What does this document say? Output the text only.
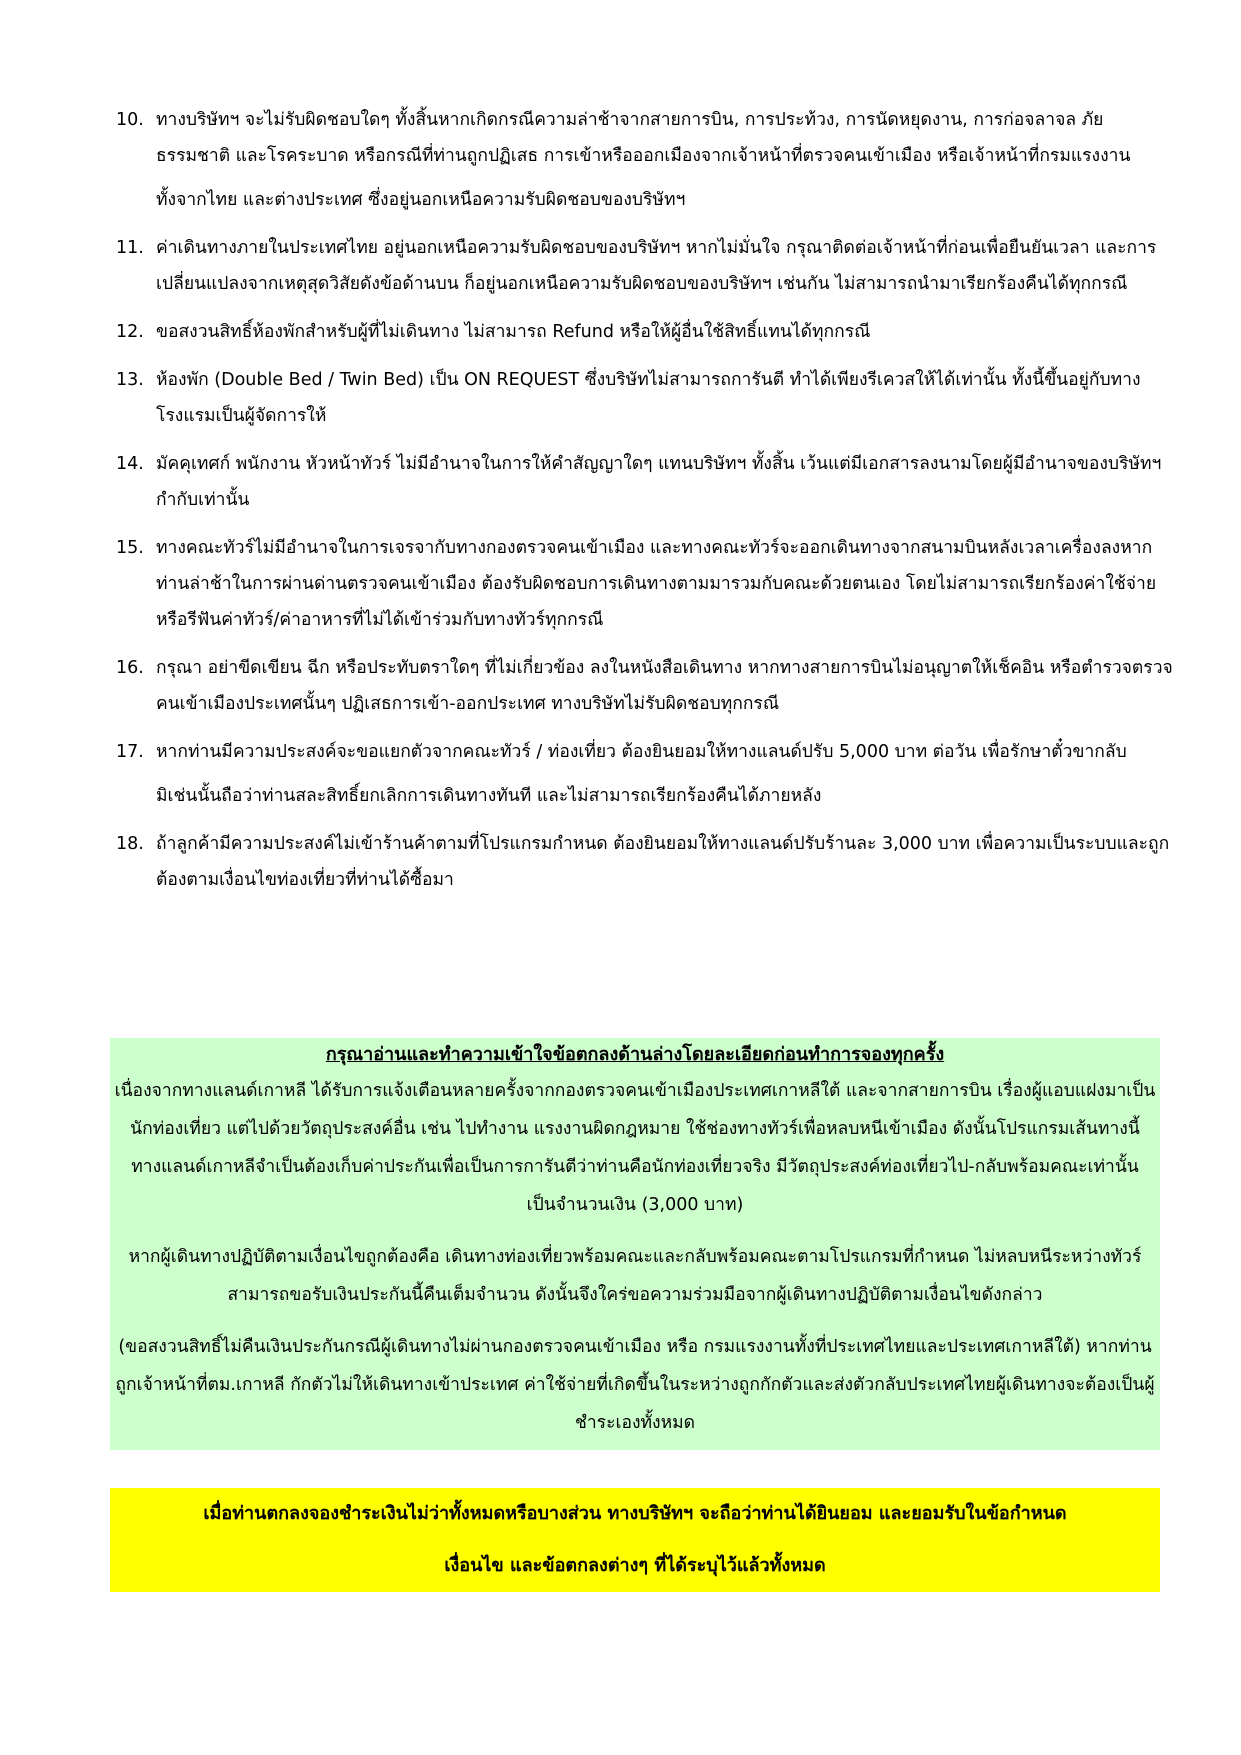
10. ทางบริษัทฯ จะไม่รับผิดชอบใดๆ ทั้งสิ้นหากเกิดกรณีความล่าช้าจากสายการบิน, การประท้วง, การนัดหยุดงาน, การก่อจลาจล ภัยธรรมชาติ และโรคระบาด หรือกรณีที่ท่านถูกปฏิเสธ การเข้าหรือออกเมืองจากเจ้าหน้าที่ตรวจคนเข้าเมือง หรือเจ้าหน้าที่กรมแรงงาน
ทั้งจากไทย และต่างประเทศ ซึ่งอยู่นอกเหนือความรับผิดชอบของบริษัทฯ
11. ค่าเดินทางภายในประเทศไทย อยู่นอกเหนือความรับผิดชอบของบริษัทฯ หากไม่มั่นใจ กรุณาติดต่อเจ้าหน้าที่ก่อนเพื่อยืนยันเวลา และการเปลี่ยนแปลงจากเหตุสุดวิสัยดังข้อด้านบน ก็อยู่นอกเหนือความรับผิดชอบของบริษัทฯ เช่นกัน ไม่สามารถนำมาเรียกร้องคืนได้ทุกกรณี
12. ขอสงวนสิทธิ์ห้องพักสำหรับผู้ที่ไม่เดินทาง ไม่สามารถ Refund หรือให้ผู้อื่นใช้สิทธิ์แทนได้ทุกกรณี
13. ห้องพัก (Double Bed / Twin Bed) เป็น ON REQUEST ซึ่งบริษัทไม่สามารถการันตี ทำได้เพียงรีเควสให้ได้เท่านั้น ทั้งนี้ขึ้นอยู่กับทางโรงแรมเป็นผู้จัดการให้
14. มัคคุเทศก์ พนักงาน หัวหน้าทัวร์ ไม่มีอำนาจในการให้คำสัญญาใดๆ แทนบริษัทฯ ทั้งสิ้น เว้นแต่มีเอกสารลงนามโดยผู้มีอำนาจของบริษัทฯ กำกับเท่านั้น
15. ทางคณะทัวร์ไม่มีอำนาจในการเจรจากับทางกองตรวจคนเข้าเมือง และทางคณะทัวร์จะออกเดินทางจากสนามบินหลังเวลาเครื่องลงหากท่านล่าช้าในการผ่านด่านตรวจคนเข้าเมือง ต้องรับผิดชอบการเดินทางตามมารวมกับคณะด้วยตนเอง โดยไม่สามารถเรียกร้องค่าใช้จ่าย หรือรีฟันค่าทัวร์/ค่าอาหารที่ไม่ได้เข้าร่วมกับทางทัวร์ทุกกรณี
16. กรุณา อย่าขีดเขียน ฉีก หรือประทับตราใดๆ ที่ไม่เกี่ยวข้อง ลงในหนังสือเดินทาง หากทางสายการบินไม่อนุญาตให้เช็คอิน หรือตำรวจตรวจคนเข้าเมืองประเทศนั้นๆ ปฏิเสธการเข้า-ออกประเทศ ทางบริษัทไม่รับผิดชอบทุกกรณี
17. หากท่านมีความประสงค์จะขอแยกตัวจากคณะทัวร์ / ท่องเที่ยว ต้องยินยอมให้ทางแลนด์ปรับ 5,000 บาท ต่อวัน เพื่อรักษาตั๋วขากลับ
มิเช่นนั้นถือว่าท่านสละสิทธิ์ยกเลิกการเดินทางทันที และไม่สามารถเรียกร้องคืนได้ภายหลัง
18. ถ้าลูกค้ามีความประสงค์ไม่เข้าร้านค้าตามที่โปรแกรมกำหนด ต้องยินยอมให้ทางแลนด์ปรับร้านละ 3,000 บาท เพื่อความเป็นระบบและถูกต้องตามเงื่อนไขท่องเที่ยวที่ท่านได้ซื้อมา
กรุณาอ่านและทำความเข้าใจข้อตกลงด้านล่างโดยละเอียดก่อนทำการจองทุกครั้ง

เนื่องจากทางแลนด์เกาหลี ได้รับการแจ้งเตือนหลายครั้งจากกองตรวจคนเข้าเมืองประเทศเกาหลีใต้ และจากสายการบิน เรื่องผู้แอบแฝงมาเป็นนักท่องเที่ยว แต่ไปด้วยวัตถุประสงค์อื่น เช่น ไปทำงาน แรงงานผิดกฎหมาย ใช้ช่องทางทัวร์เพื่อหลบหนีเข้าเมือง ดังนั้นโปรแกรมเส้นทางนี้ ทางแลนด์เกาหลีจำเป็นต้องเก็บค่าประกันเพื่อเป็นการการันตีว่าท่านคือนักท่องเที่ยวจริง มีวัตถุประสงค์ท่องเที่ยวไป-กลับพร้อมคณะเท่านั้น เป็นจำนวนเงิน (3,000 บาท)

หากผู้เดินทางปฏิบัติตามเงื่อนไขถูกต้องคือ เดินทางท่องเที่ยวพร้อมคณะและกลับพร้อมคณะตามโปรแกรมที่กำหนด ไม่หลบหนีระหว่างทัวร์ สามารถขอรับเงินประกันนี้คืนเต็มจำนวน ดังนั้นจึงใคร่ขอความร่วมมือจากผู้เดินทางปฏิบัติตามเงื่อนไขดังกล่าว

(ขอสงวนสิทธิ์ไม่คืนเงินประกันกรณีผู้เดินทางไม่ผ่านกองตรวจคนเข้าเมือง หรือ กรมแรงงานทั้งที่ประเทศไทยและประเทศเกาหลีใต้) หากท่านถูกเจ้าหน้าที่ตม.เกาหลี กักตัวไม่ให้เดินทางเข้าประเทศ ค่าใช้จ่ายที่เกิดขึ้นในระหว่างถูกกักตัวและส่งตัวกลับประเทศไทยผู้เดินทางจะต้องเป็นผู้ชำระเองทั้งหมด

เมื่อท่านตกลงจองชำระเงินไม่ว่าทั้งหมดหรือบางส่วน ทางบริษัทฯ จะถือว่าท่านได้ยินยอม และยอมรับในข้อกำหนด

เงื่อนไข และข้อตกลงต่างๆ ที่ได้ระบุไว้แล้วทั้งหมด
